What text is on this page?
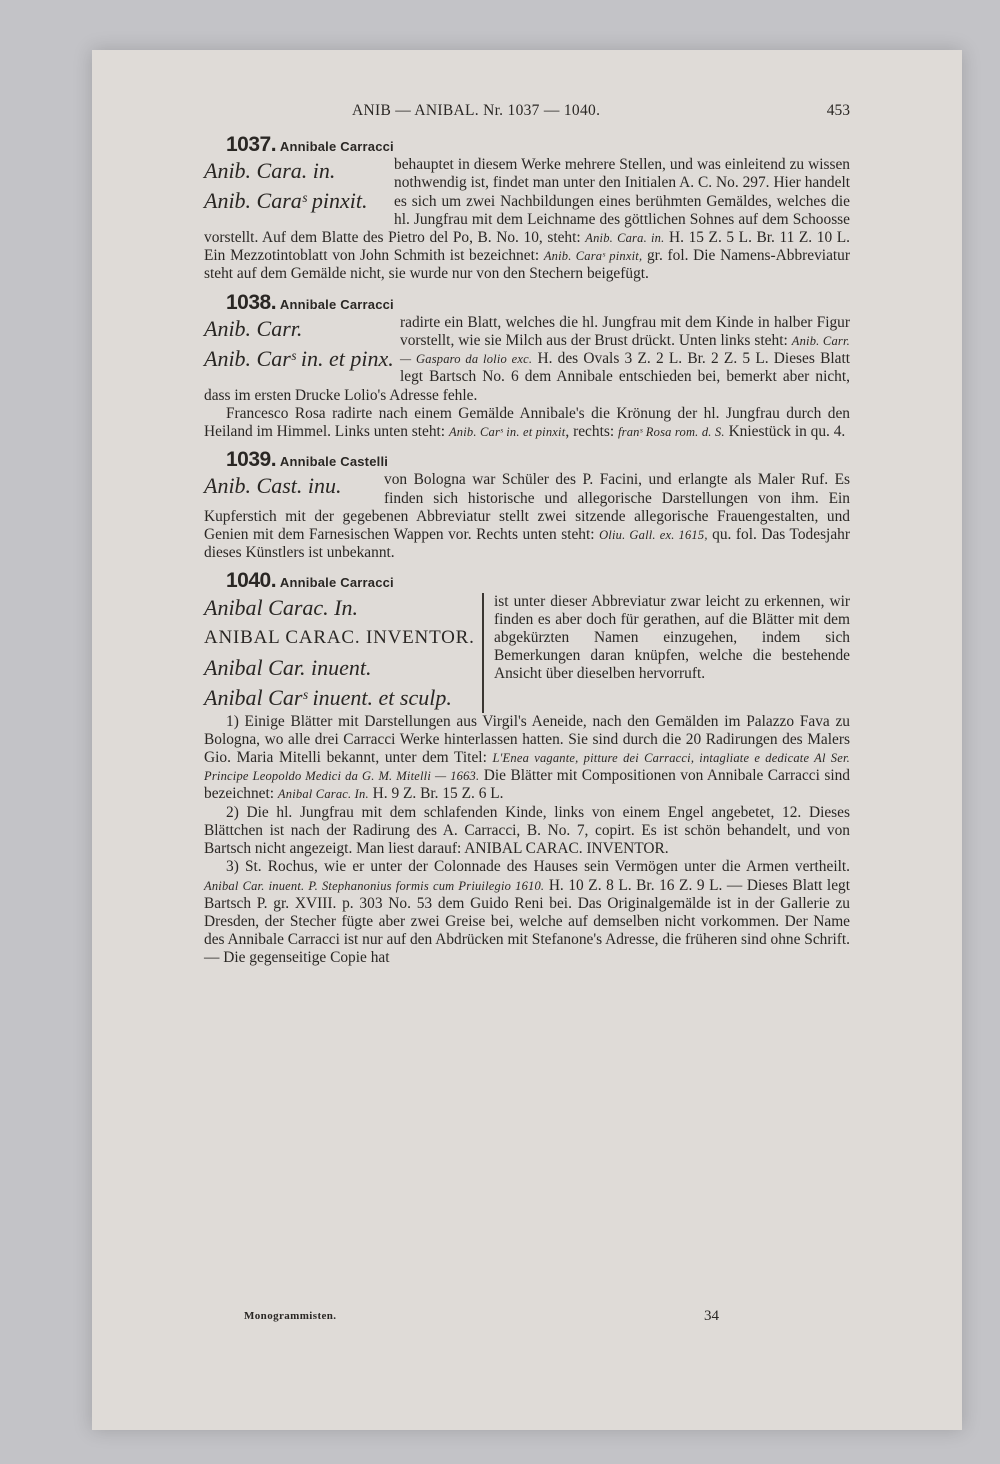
ANIB — ANIBAL. Nr. 1037 — 1040.	453

1037. Annibale Carracci

Anib. Cara. in.
Anib. Caraˢ pinxit.

behauptet in diesem Werke mehrere Stellen, und was einleitend zu wissen nothwendig ist, findet man unter den Initialen A. C. No. 297. Hier handelt es sich um zwei Nachbildungen eines berühmten Gemäldes, welches die hl. Jungfrau mit dem Leichname des göttlichen Sohnes auf dem Schoosse vorstellt. Auf dem Blatte des Pietro del Po, B. No. 10, steht: Anib. Cara. in. H. 15 Z. 5 L. Br. 11 Z. 10 L. Ein Mezzotintoblatt von John Schmith ist bezeichnet: Anib. Caraˢ pinxit, gr. fol. Die Namens-Abbreviatur steht auf dem Gemälde nicht, sie wurde nur von den Stechern beigefügt.

1038. Annibale Carracci

Anib. Carr.
Anib. Carˢ in. et pinx.

radirte ein Blatt, welches die hl. Jungfrau mit dem Kinde in halber Figur vorstellt, wie sie Milch aus der Brust drückt. Unten links steht: Anib. Carr. — Gasparo da lolio exc. H. des Ovals 3 Z. 2 L. Br. 2 Z. 5 L. Dieses Blatt legt Bartsch No. 6 dem Annibale entschieden bei, bemerkt aber nicht, dass im ersten Drucke Lolio's Adresse fehle.

Francesco Rosa radirte nach einem Gemälde Annibale's die Krönung der hl. Jungfrau durch den Heiland im Himmel. Links unten steht: Anib. Carˢ in. et pinxit, rechts: franˢ Rosa rom. d. S. Kniestück in qu. 4.

1039. Annibale Castelli

Anib. Cast. inu.	von Bologna war Schüler des P. Facini, und erlangte als Maler Ruf. Es finden sich historische und allegorische Darstellungen von ihm. Ein Kupferstich mit der gegebenen Abbreviatur stellt zwei sitzende allegorische Frauengestalten, und Genien mit dem Farnesischen Wappen vor. Rechts unten steht: Oliu. Gall. ex. 1615, qu. fol. Das Todesjahr dieses Künstlers ist unbekannt.

1040. Annibale Carracci

Anibal Carac. In.
ANIBAL CARAC. INVENTOR.
Anibal Car. inuent.
Anibal Carˢ inuent. et sculp.

ist unter dieser Abbreviatur zwar leicht zu erkennen, wir finden es aber doch für gerathen, auf die Blätter mit dem abgekürzten Namen einzugehen, indem sich Bemerkungen daran knüpfen, welche die bestehende Ansicht über dieselben hervorruft.

1) Einige Blätter mit Darstellungen aus Virgil's Aeneide, nach den Gemälden im Palazzo Fava zu Bologna, wo alle drei Carracci Werke hinterlassen hatten. Sie sind durch die 20 Radirungen des Malers Gio. Maria Mitelli bekannt, unter dem Titel: L'Enea vagante, pitture dei Carracci, intagliate e dedicate Al Ser. Principe Leopoldo Medici da G. M. Mitelli — 1663. Die Blätter mit Compositionen von Annibale Carracci sind bezeichnet: Anibal Carac. In. H. 9 Z. Br. 15 Z. 6 L.

2) Die hl. Jungfrau mit dem schlafenden Kinde, links von einem Engel angebetet, 12. Dieses Blättchen ist nach der Radirung des A. Carracci, B. No. 7, copirt. Es ist schön behandelt, und von Bartsch nicht angezeigt. Man liest darauf: ANIBAL CARAC. INVENTOR.

3) St. Rochus, wie er unter der Colonnade des Hauses sein Vermögen unter die Armen vertheilt. Anibal Car. inuent. P. Stephanonius formis cum Priuilegio 1610. H. 10 Z. 8 L. Br. 16 Z. 9 L. — Dieses Blatt legt Bartsch P. gr. XVIII. p. 303 No. 53 dem Guido Reni bei. Das Originalgemälde ist in der Gallerie zu Dresden, der Stecher fügte aber zwei Greise bei, welche auf demselben nicht vorkommen. Der Name des Annibale Carracci ist nur auf den Abdrücken mit Stefanone's Adresse, die früheren sind ohne Schrift. — Die gegenseitige Copie hat

Monogrammisten.	34
